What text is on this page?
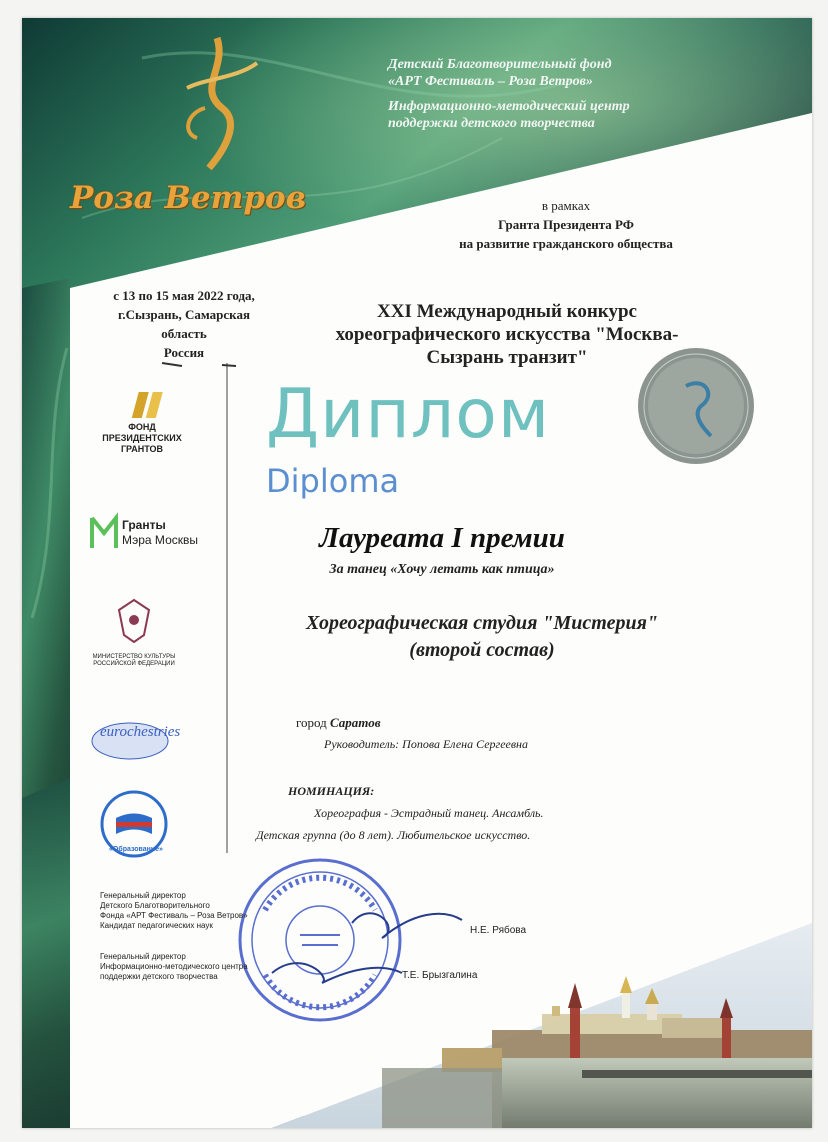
Детский Благотворительный фонд
«АРТ Фестиваль – Роза Ветров»
Информационно-методический центр
поддержки детского творчества
Роза Ветров	в рамках
Гранта Президента РФ
на развитие гражданского общества
с 13 по 15 мая 2022 года,
г.Сызрань, Самарская
область
Россия
XXI Международный конкурс
хореографического искусства "Москва-
Сызрань транзит"
Диплом
Diploma
Лауреата I премии
За танец «Хочу летать как птица»
Хореографическая студия "Мистерия"
(второй состав)
город Саратов
Руководитель: Попова Елена Сергеевна
НОМИНАЦИЯ:
Хореография - Эстрадный танец. Ансамбль.
Детская группа (до 8 лет). Любительское искусство.
ФОНД
ПРЕЗИДЕНТСКИХ
ГРАНТОВ
Гранты
Мэра Москвы
МИНИСТЕРСТВО КУЛЬТУРЫ
РОССИЙСКОЙ ФЕДЕРАЦИИ
eurochestries
«Образование»
Генеральный директор
Детского Благотворительного
Фонда «АРТ Фестиваль – Роза Ветров»
Кандидат педагогических наук	Н.Е. Рябова
Генеральный директор
Информационно-методического центра
поддержки детского творчества	Т.Е. Брызгалина
